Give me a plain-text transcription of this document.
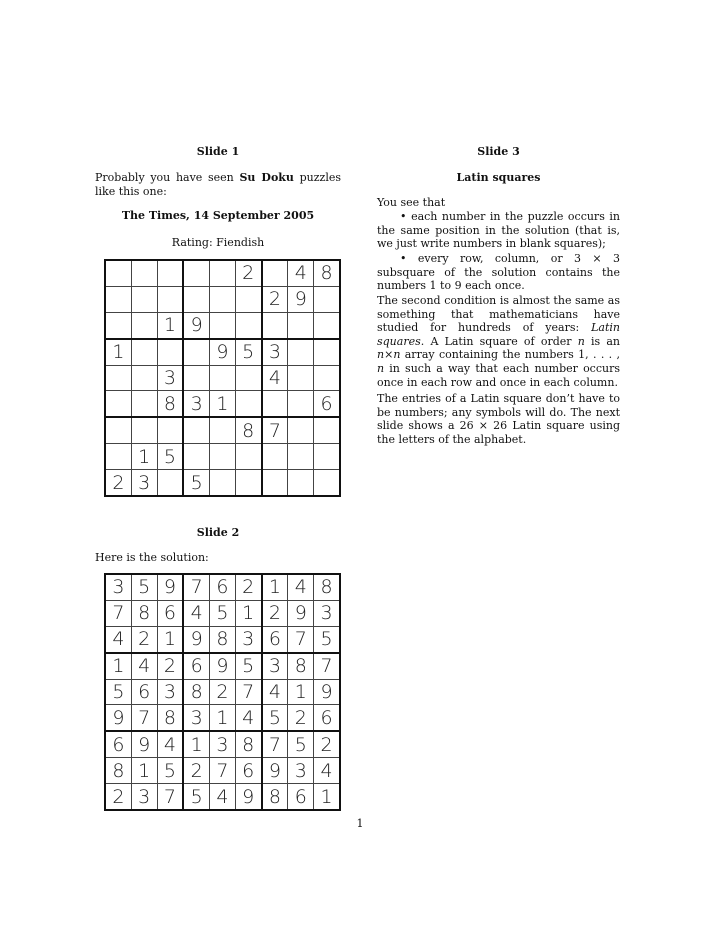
Slide 1
Probably you have seen Su Doku puzzles like this one:
The Times, 14 September 2005
Rating: Fiendish
					2		4	8
						2	9	
		1	9					
1				9	5	3		
		3				4		
		8	3	1				6
					8	7		
	1	5						
2	3		5					
Slide 2
Here is the solution:
3	5	9	7	6	2	1	4	8
7	8	6	4	5	1	2	9	3
4	2	1	9	8	3	6	7	5
1	4	2	6	9	5	3	8	7
5	6	3	8	2	7	4	1	9
9	7	8	3	1	4	5	2	6
6	9	4	1	3	8	7	5	2
8	1	5	2	7	6	9	3	4
2	3	7	5	4	9	8	6	1
Slide 3
Latin squares
You see that
• each number in the puzzle occurs in the same position in the solution (that is, we just write numbers in blank squares);
• every row, column, or 3 × 3 subsquare of the solution contains the numbers 1 to 9 each once.
The second condition is almost the same as something that mathematicians have studied for hundreds of years: Latin squares. A Latin square of order n is an n×n array containing the numbers 1, . . . , n in such a way that each number occurs once in each row and once in each column.
The entries of a Latin square don’t have to be numbers; any symbols will do. The next slide shows a 26 × 26 Latin square using the letters of the alphabet.
1
